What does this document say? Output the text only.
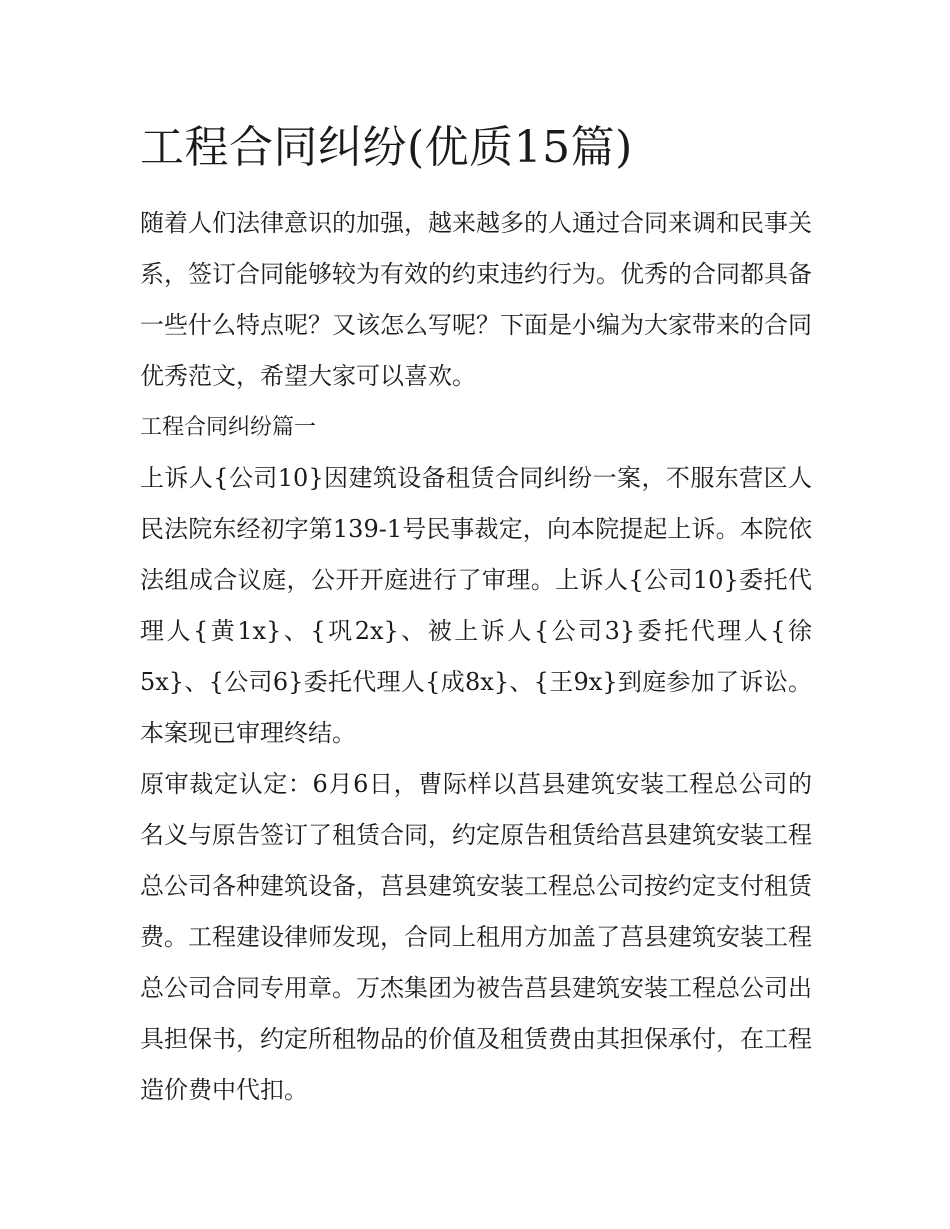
工程合同纠纷(优质15篇)

随着人们法律意识的加强，越来越多的人通过合同来调和民事关系，签订合同能够较为有效的约束违约行为。优秀的合同都具备一些什么特点呢？又该怎么写呢？下面是小编为大家带来的合同优秀范文，希望大家可以喜欢。

工程合同纠纷篇一

上诉人{公司10}因建筑设备租赁合同纠纷一案，不服东营区人民法院东经初字第139-1号民事裁定，向本院提起上诉。本院依法组成合议庭，公开开庭进行了审理。上诉人{公司10}委托代理人{黄1x}、{巩2x}、被上诉人{公司3}委托代理人{徐5x}、{公司6}委托代理人{成8x}、{王9x}到庭参加了诉讼。本案现已审理终结。

原审裁定认定：6月6日，曹际样以莒县建筑安装工程总公司的名义与原告签订了租赁合同，约定原告租赁给莒县建筑安装工程总公司各种建筑设备，莒县建筑安装工程总公司按约定支付租赁费。工程建设律师发现，合同上租用方加盖了莒县建筑安装工程总公司合同专用章。万杰集团为被告莒县建筑安装工程总公司出具担保书，约定所租物品的价值及租赁费由其担保承付，在工程造价费中代扣。
